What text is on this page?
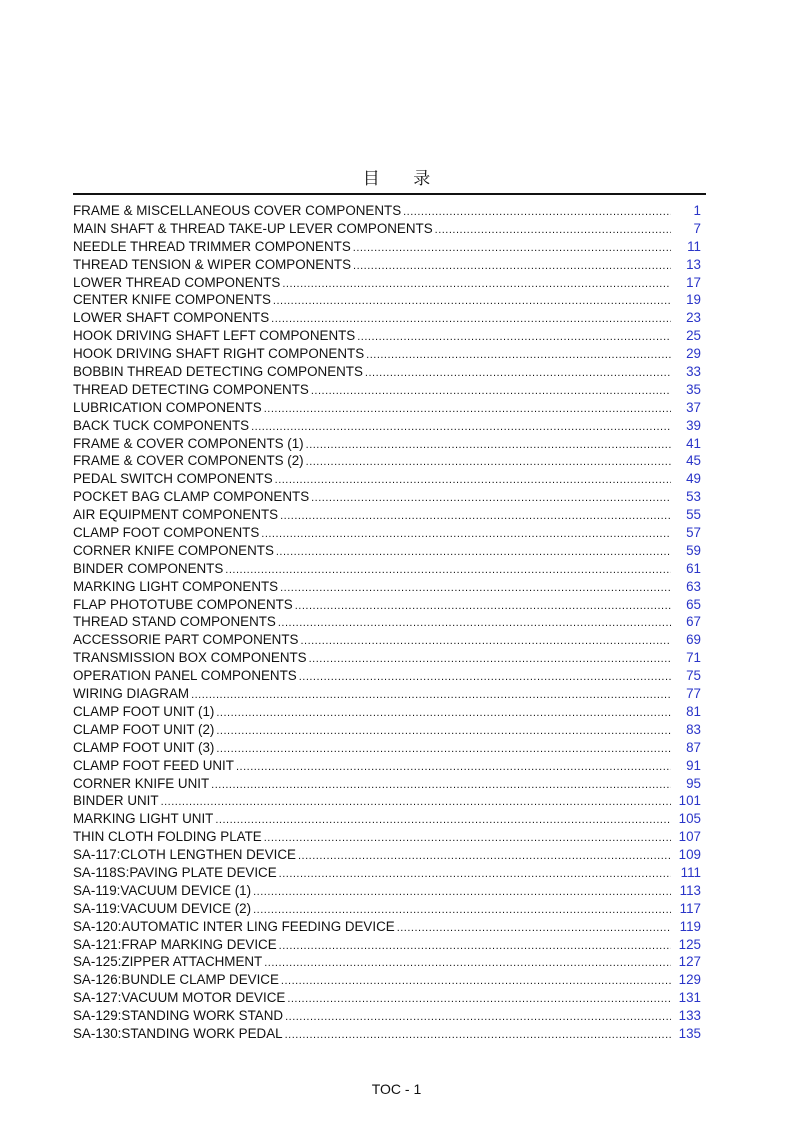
目 录
FRAME & MISCELLANEOUS COVER COMPONENTS .....	1
MAIN SHAFT & THREAD TAKE-UP LEVER COMPONENTS .....	7
NEEDLE THREAD TRIMMER COMPONENTS .....	11
THREAD TENSION & WIPER COMPONENTS .....	13
LOWER THREAD COMPONENTS .....	17
CENTER KNIFE COMPONENTS .....	19
LOWER SHAFT COMPONENTS .....	23
HOOK DRIVING SHAFT LEFT COMPONENTS .....	25
HOOK DRIVING SHAFT RIGHT COMPONENTS .....	29
BOBBIN THREAD DETECTING COMPONENTS .....	33
THREAD DETECTING COMPONENTS .....	35
LUBRICATION COMPONENTS .....	37
BACK TUCK COMPONENTS .....	39
FRAME & COVER COMPONENTS (1) .....	41
FRAME & COVER COMPONENTS (2) .....	45
PEDAL SWITCH COMPONENTS .....	49
POCKET BAG CLAMP COMPONENTS .....	53
AIR EQUIPMENT COMPONENTS .....	55
CLAMP FOOT COMPONENTS .....	57
CORNER KNIFE COMPONENTS .....	59
BINDER COMPONENTS .....	61
MARKING LIGHT COMPONENTS .....	63
FLAP PHOTOTUBE COMPONENTS .....	65
THREAD STAND COMPONENTS .....	67
ACCESSORIE PART COMPONENTS .....	69
TRANSMISSION BOX COMPONENTS .....	71
OPERATION PANEL COMPONENTS .....	75
WIRING DIAGRAM .....	77
CLAMP FOOT UNIT (1) .....	81
CLAMP FOOT UNIT (2) .....	83
CLAMP FOOT UNIT (3) .....	87
CLAMP FOOT FEED UNIT .....	91
CORNER KNIFE UNIT .....	95
BINDER UNIT .....	101
MARKING LIGHT UNIT .....	105
THIN CLOTH FOLDING PLATE .....	107
SA-117:CLOTH LENGTHEN DEVICE .....	109
SA-118S:PAVING PLATE DEVICE .....	111
SA-119:VACUUM DEVICE (1) .....	113
SA-119:VACUUM DEVICE (2) .....	117
SA-120:AUTOMATIC INTER LING FEEDING DEVICE .....	119
SA-121:FRAP MARKING DEVICE .....	125
SA-125:ZIPPER ATTACHMENT .....	127
SA-126:BUNDLE CLAMP DEVICE .....	129
SA-127:VACUUM MOTOR DEVICE .....	131
SA-129:STANDING WORK STAND .....	133
SA-130:STANDING WORK PEDAL .....	135
TOC - 1
